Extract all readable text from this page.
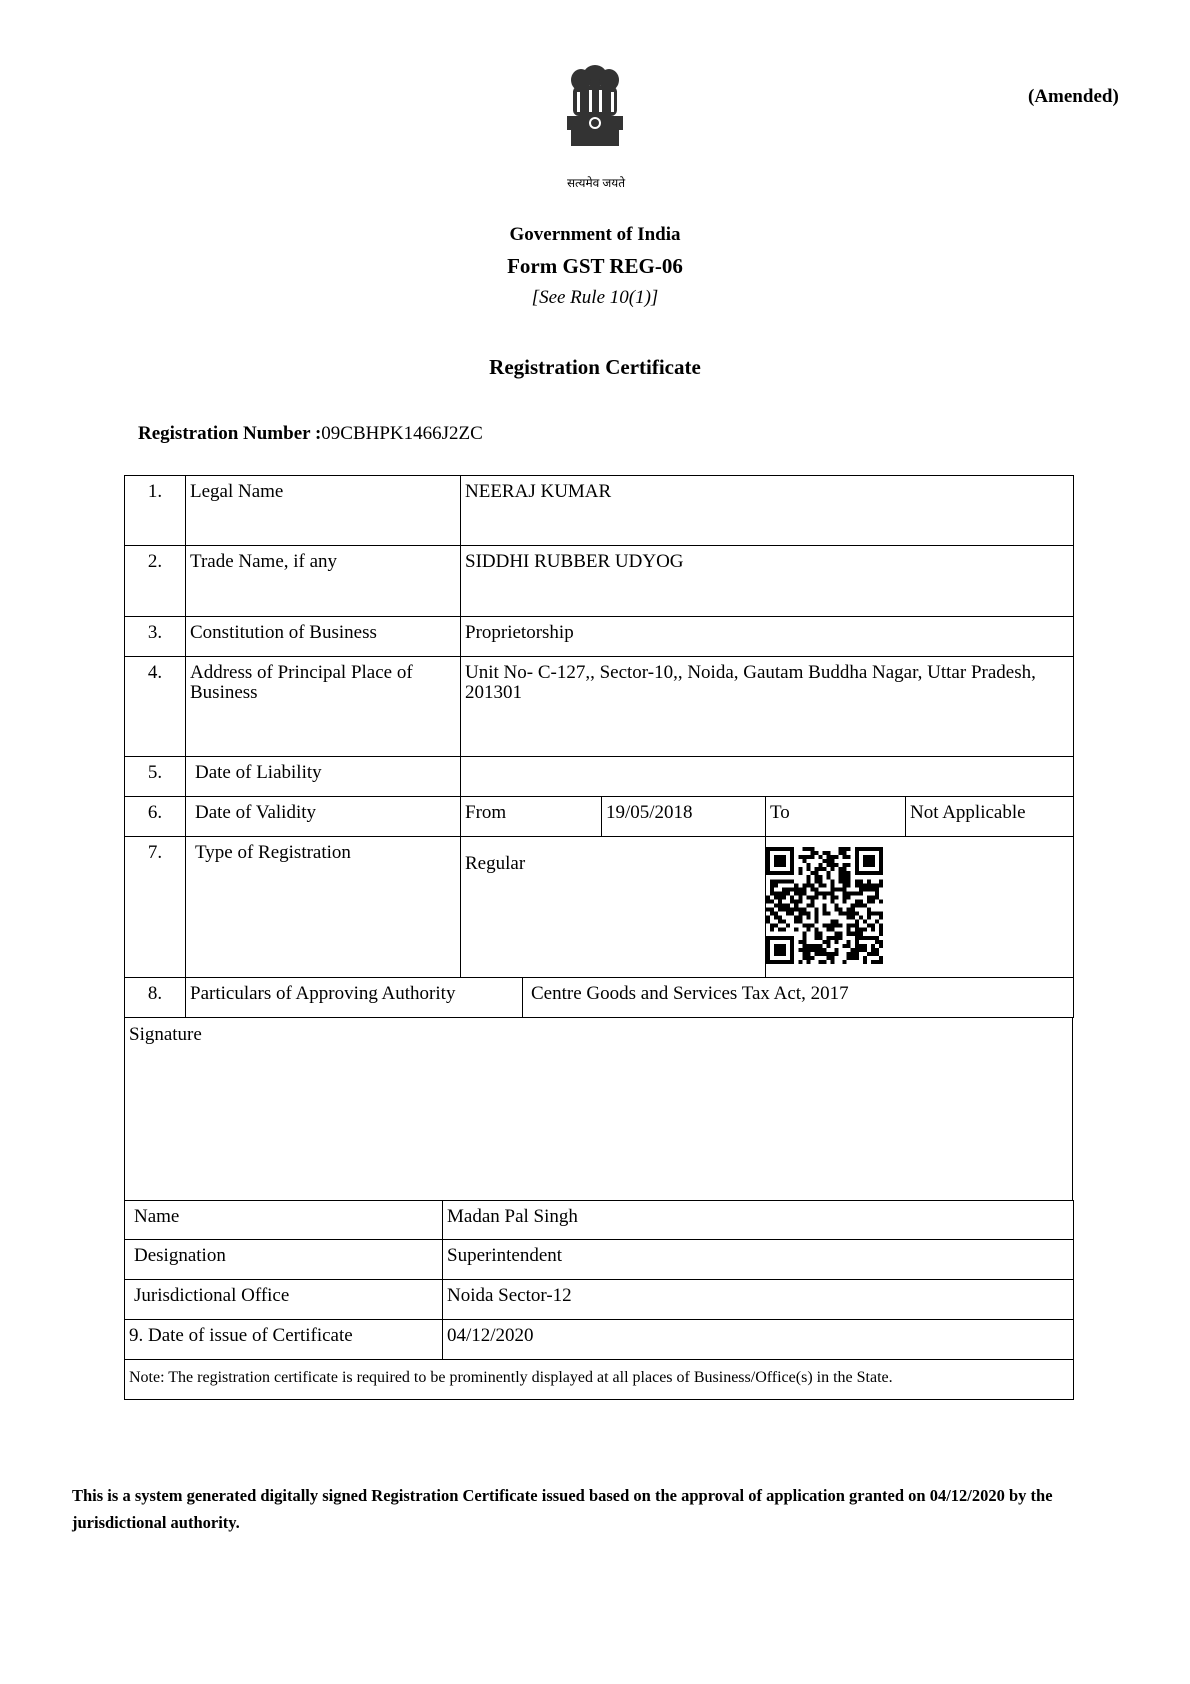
(Amended)
सत्यमेव जयते
Government of India
Form GST REG-06
[See Rule 10(1)]
Registration Certificate
Registration Number :09CBHPK1466J2ZC
1.	Legal Name	NEERAJ KUMAR				
2.	Trade Name, if any	SIDDHI RUBBER UDYOG				
3.	Constitution of Business	Proprietorship				
4.	Address of Principal Place of Business	Unit No- C-127,, Sector-10,, Noida, Gautam Buddha Nagar, Uttar Pradesh, 201301				
5.	Date of Liability					
6.	Date of Validity	From		19/05/2018	To	Not Applicable
7.	Type of Registration	Regular	

8.	Particulars of Approving Authority		Centre Goods and Services Tax Act, 2017			
Name	Madan Pal Singh
Designation	Superintendent
Jurisdictional Office	Noida Sector-12
9. Date of issue of Certificate	04/12/2020
Note: The registration certificate is required to be prominently displayed at all places of Business/Office(s) in the State.	
Signature
This is a system generated digitally signed Registration Certificate issued based on the approval of application granted on 04/12/2020 by the jurisdictional authority.
